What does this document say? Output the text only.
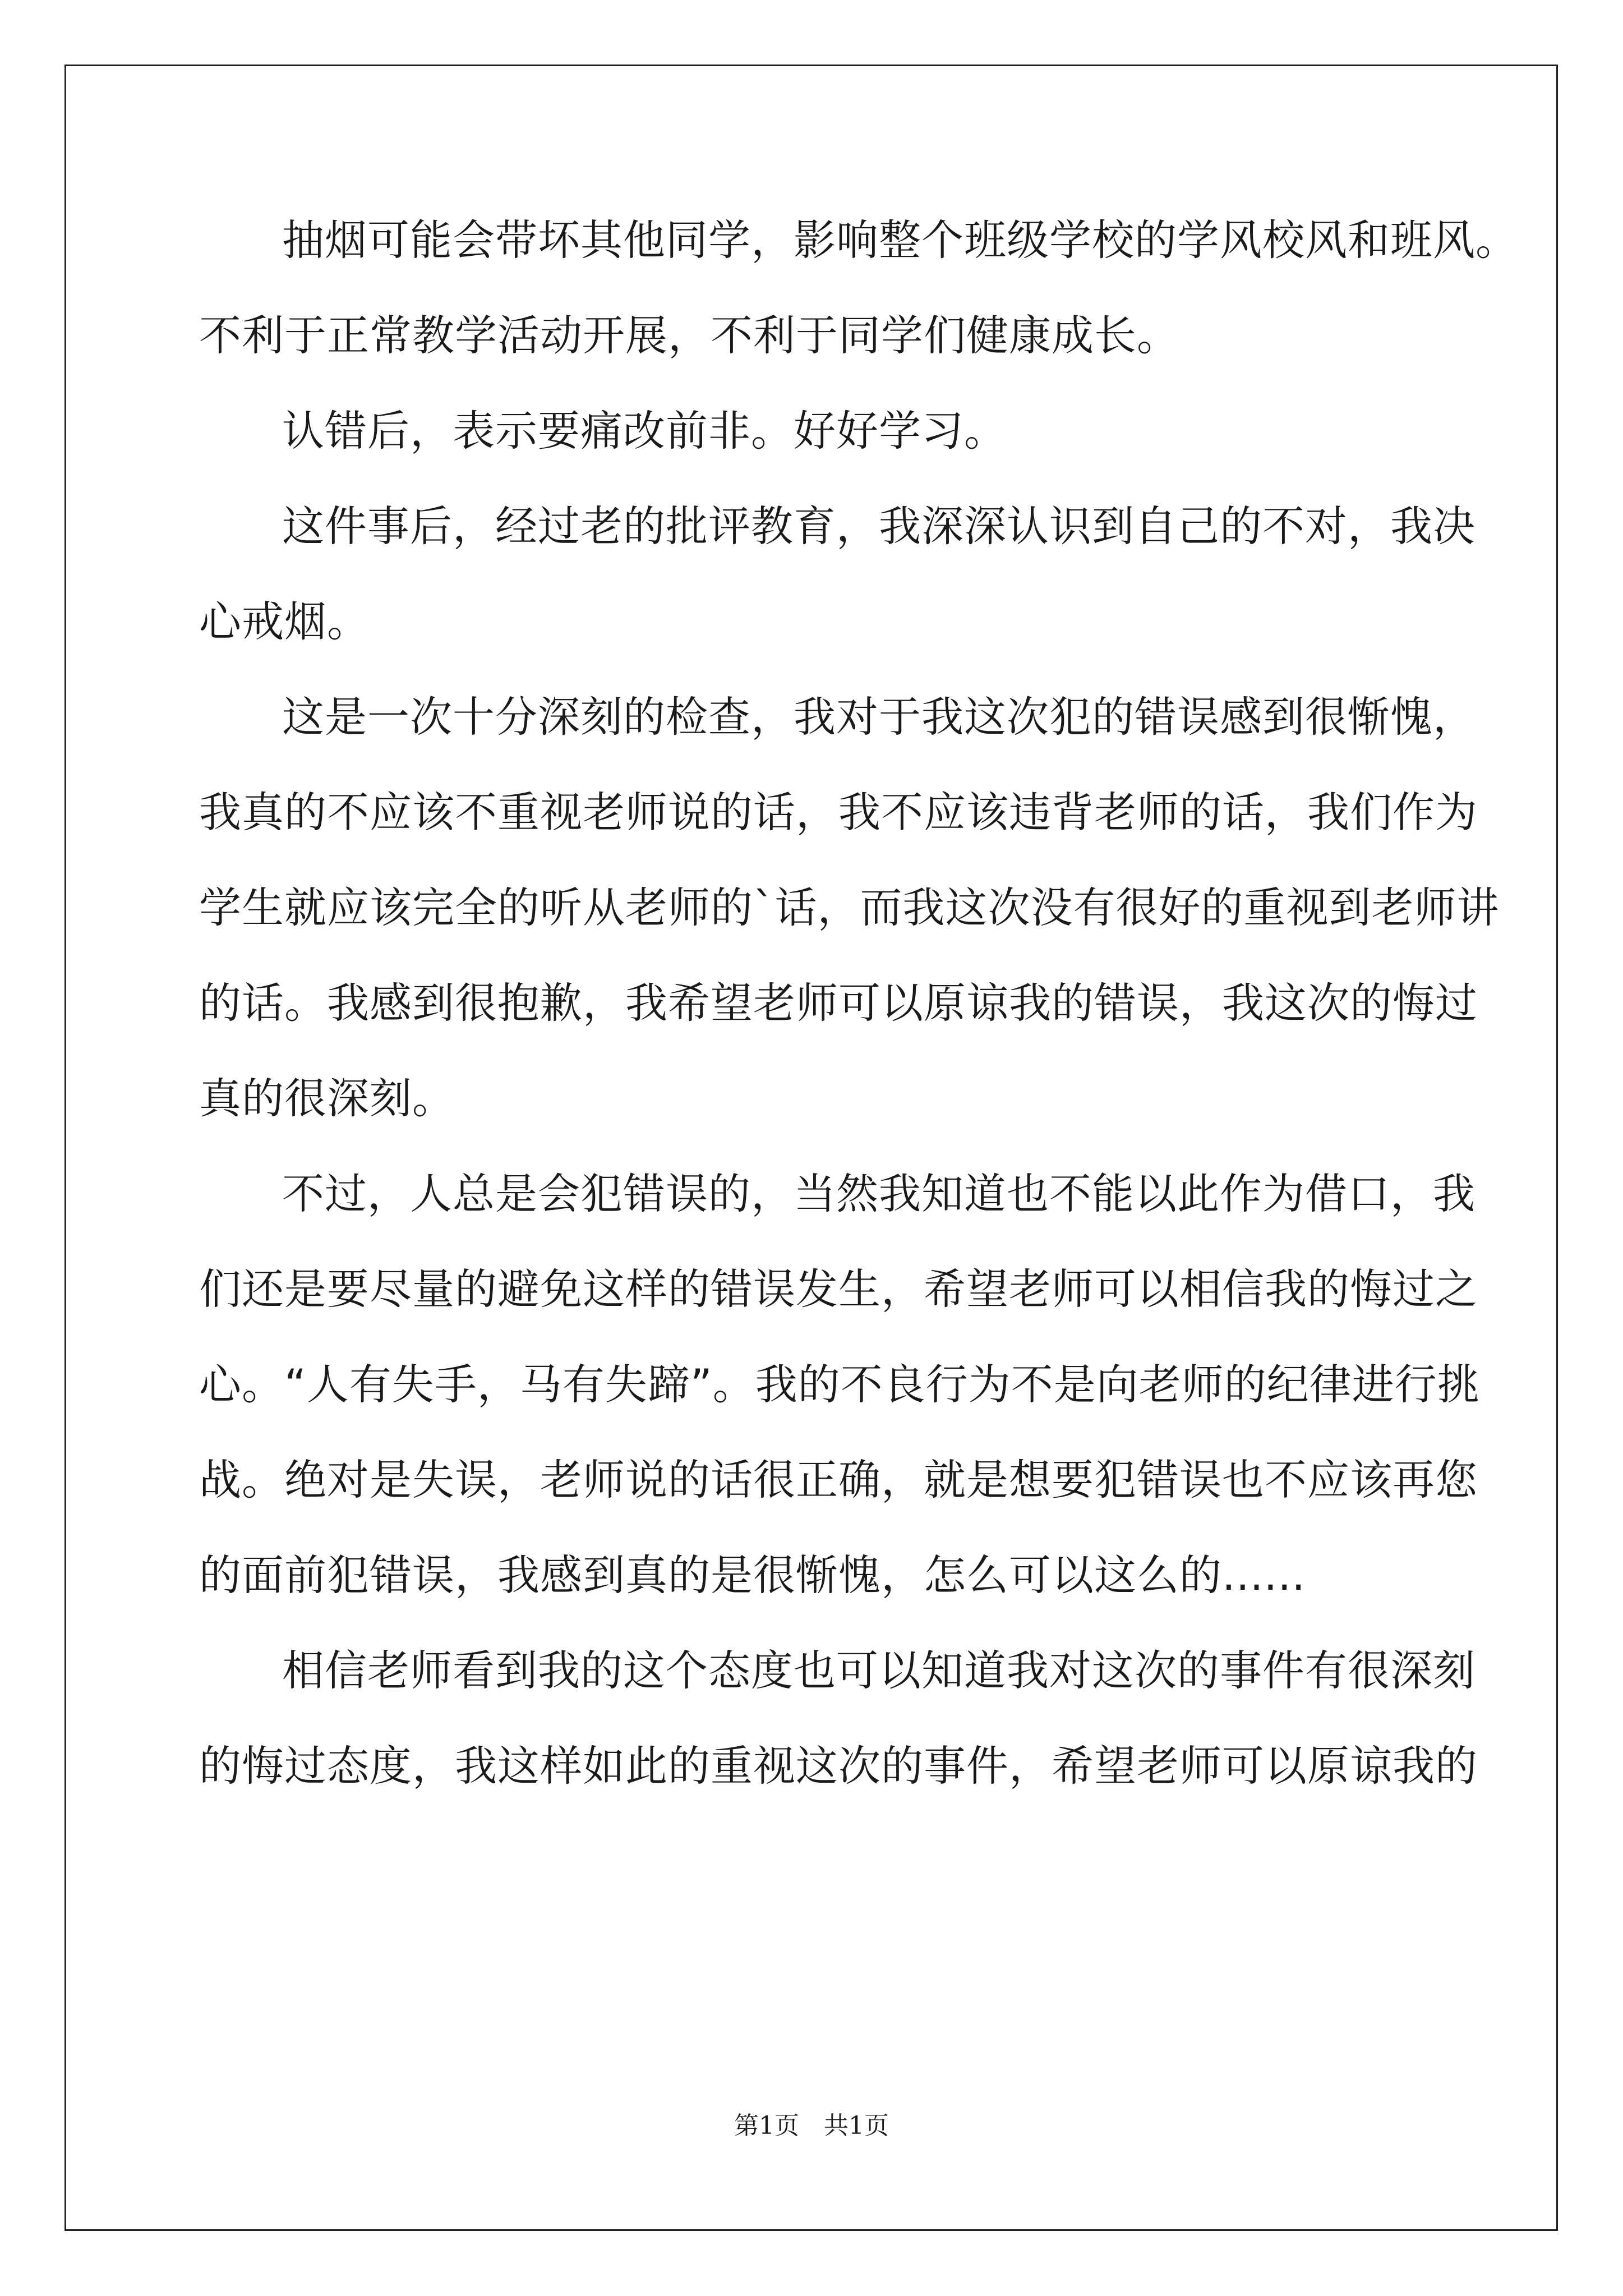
抽烟可能会带坏其他同学，影响整个班级学校的学风校风和班风。
不利于正常教学活动开展，不利于同学们健康成长。
认错后，表示要痛改前非。好好学习。
这件事后，经过老的批评教育，我深深认识到自己的不对，我决
心戒烟。
这是一次十分深刻的检查，我对于我这次犯的错误感到很惭愧，
我真的不应该不重视老师说的话，我不应该违背老师的话，我们作为
学生就应该完全的听从老师的`话，而我这次没有很好的重视到老师讲
的话。我感到很抱歉，我希望老师可以原谅我的错误，我这次的悔过
真的很深刻。
不过，人总是会犯错误的，当然我知道也不能以此作为借口，我
们还是要尽量的避免这样的错误发生，希望老师可以相信我的悔过之
心。“人有失手，马有失蹄”。我的不良行为不是向老师的纪律进行挑
战。绝对是失误，老师说的话很正确，就是想要犯错误也不应该再您
的面前犯错误，我感到真的是很惭愧，怎么可以这么的......
相信老师看到我的这个态度也可以知道我对这次的事件有很深刻
的悔过态度，我这样如此的重视这次的事件，希望老师可以原谅我的
第1页　共1页
